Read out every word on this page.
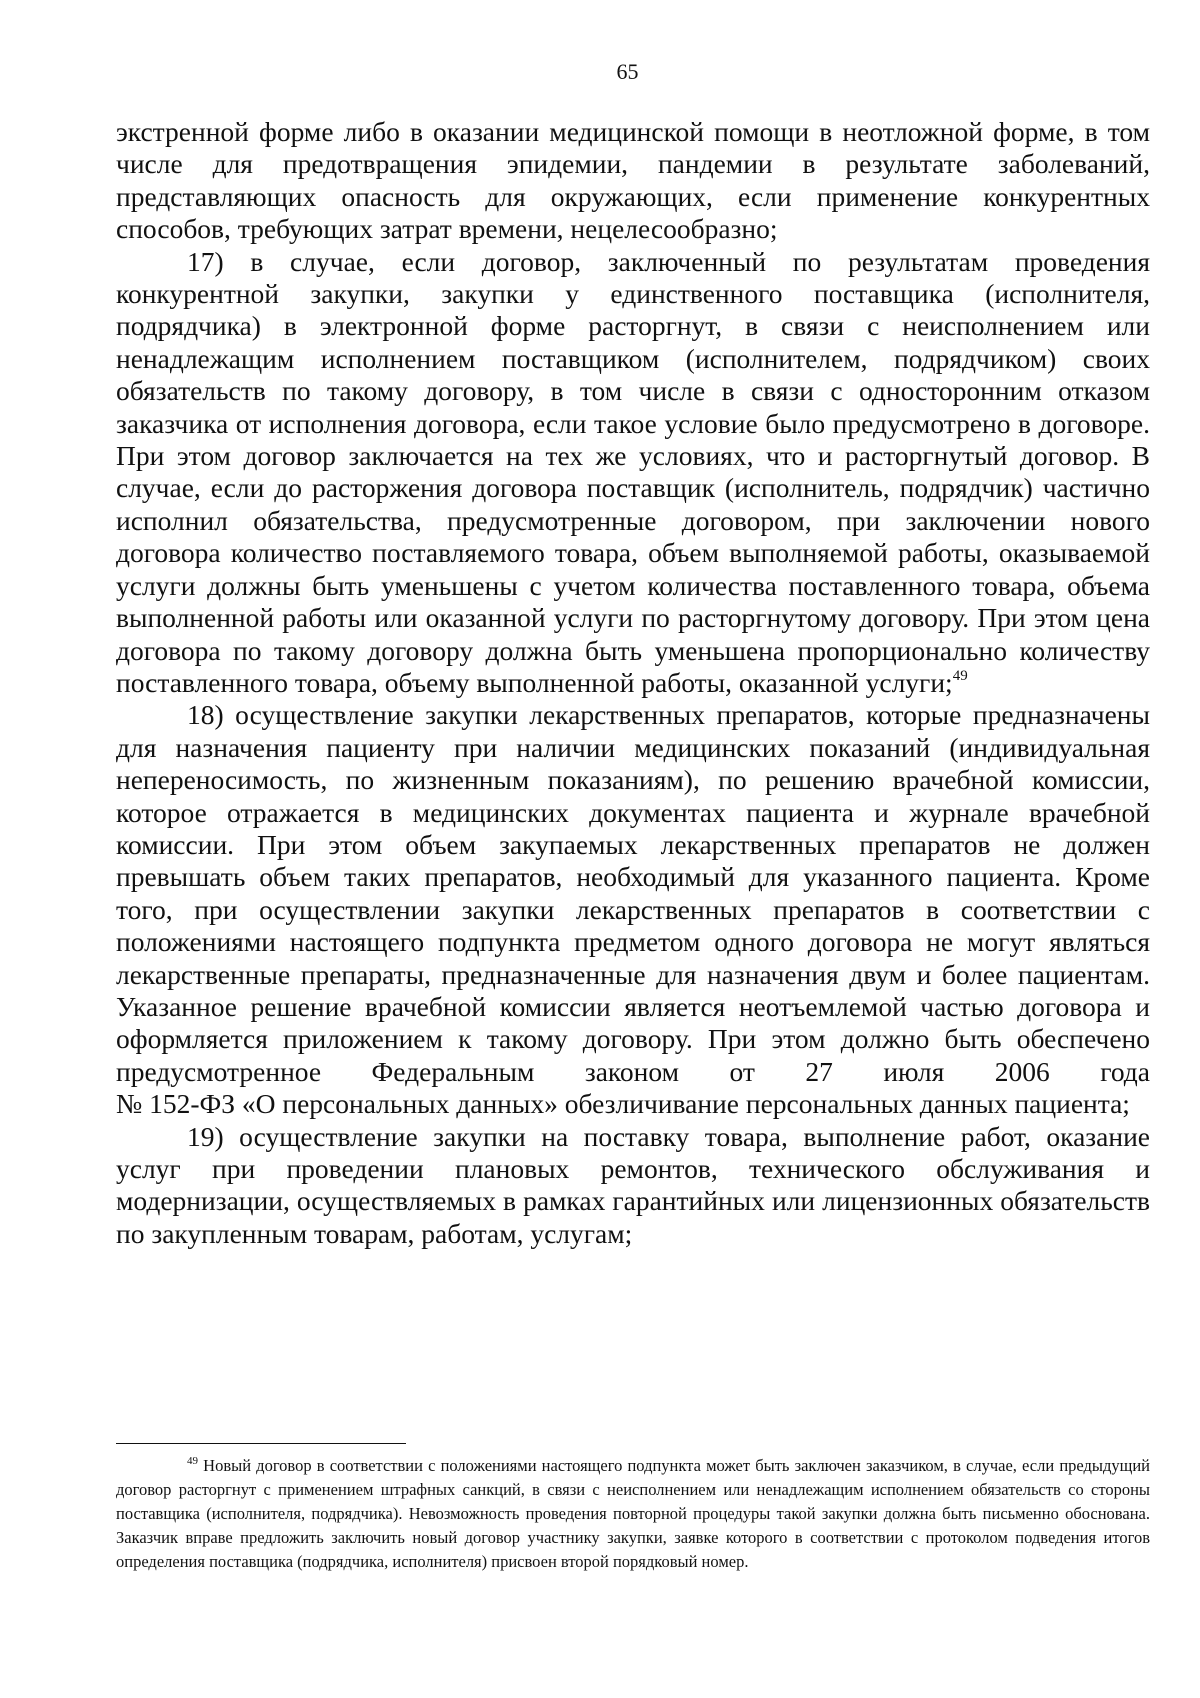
65

экстренной форме либо в оказании медицинской помощи в неотложной форме, в том числе для предотвращения эпидемии, пандемии в результате заболеваний, представляющих опасность для окружающих, если применение конкурентных способов, требующих затрат времени, нецелесообразно;

17) в случае, если договор, заключенный по результатам проведения конкурентной закупки, закупки у единственного поставщика (исполнителя, подрядчика) в электронной форме расторгнут, в связи с неисполнением или ненадлежащим исполнением поставщиком (исполнителем, подрядчиком) своих обязательств по такому договору, в том числе в связи с односторонним отказом заказчика от исполнения договора, если такое условие было предусмотрено в договоре. При этом договор заключается на тех же условиях, что и расторгнутый договор. В случае, если до расторжения договора поставщик (исполнитель, подрядчик) частично исполнил обязательства, предусмотренные договором, при заключении нового договора количество поставляемого товара, объем выполняемой работы, оказываемой услуги должны быть уменьшены с учетом количества поставленного товара, объема выполненной работы или оказанной услуги по расторгнутому договору. При этом цена договора по такому договору должна быть уменьшена пропорционально количеству поставленного товара, объему выполненной работы, оказанной услуги;$^{49}$

18) осуществление закупки лекарственных препаратов, которые предназначены для назначения пациенту при наличии медицинских показаний (индивидуальная непереносимость, по жизненным показаниям), по решению врачебной комиссии, которое отражается в медицинских документах пациента и журнале врачебной комиссии. При этом объем закупаемых лекарственных препаратов не должен превышать объем таких препаратов, необходимый для указанного пациента. Кроме того, при осуществлении закупки лекарственных препаратов в соответствии с положениями настоящего подпункта предметом одного договора не могут являться лекарственные препараты, предназначенные для назначения двум и более пациентам. Указанное решение врачебной комиссии является неотъемлемой частью договора и оформляется приложением к такому договору. При этом должно быть обеспечено предусмотренное Федеральным законом от 27 июля 2006 года

№ 152-ФЗ «О персональных данных» обезличивание персональных данных пациента;

19) осуществление закупки на поставку товара, выполнение работ, оказание услуг при проведении плановых ремонтов, технического обслуживания и модернизации, осуществляемых в рамках гарантийных или лицензионных обязательств по закупленным товарам, работам, услугам;

$^{49}$ Новый договор в соответствии с положениями настоящего подпункта может быть заключен заказчиком, в случае, если предыдущий договор расторгнут с применением штрафных санкций, в связи с неисполнением или ненадлежащим исполнением обязательств со стороны поставщика (исполнителя, подрядчика). Невозможность проведения повторной процедуры такой закупки должна быть письменно обоснована. Заказчик вправе предложить заключить новый договор участнику закупки, заявке которого в соответствии с протоколом подведения итогов определения поставщика (подрядчика, исполнителя) присвоен второй порядковый номер.
